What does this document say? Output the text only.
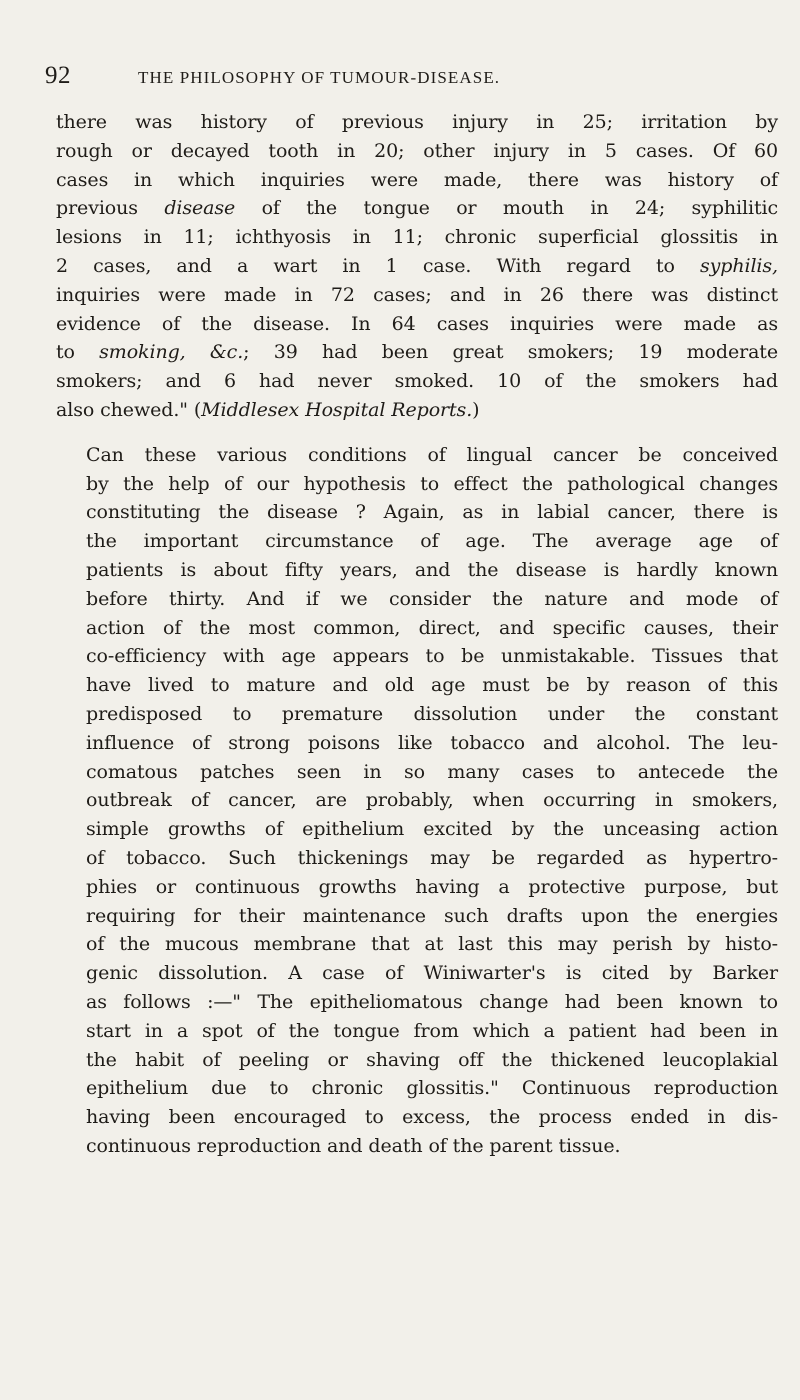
92	THE PHILOSOPHY OF TUMOUR-DISEASE.

there was history of previous injury in 25; irritation by
rough or decayed tooth in 20; other injury in 5 cases. Of 60
cases in which inquiries were made, there was history of
previous disease of the tongue or mouth in 24; syphilitic
lesions in 11; ichthyosis in 11; chronic superficial glossitis in
2 cases, and a wart in 1 case. With regard to syphilis,
inquiries were made in 72 cases; and in 26 there was distinct
evidence of the disease. In 64 cases inquiries were made as
to smoking, &c.; 39 had been great smokers; 19 moderate
smokers; and 6 had never smoked. 10 of the smokers had
also chewed." (Middlesex Hospital Reports.)

Can these various conditions of lingual cancer be conceived
by the help of our hypothesis to effect the pathological changes
constituting the disease ? Again, as in labial cancer, there is
the important circumstance of age. The average age of
patients is about fifty years, and the disease is hardly known
before thirty. And if we consider the nature and mode of
action of the most common, direct, and specific causes, their
co-efficiency with age appears to be unmistakable. Tissues that
have lived to mature and old age must be by reason of this
predisposed to premature dissolution under the constant
influence of strong poisons like tobacco and alcohol. The leu-
comatous patches seen in so many cases to antecede the
outbreak of cancer, are probably, when occurring in smokers,
simple growths of epithelium excited by the unceasing action
of tobacco. Such thickenings may be regarded as hypertro-
phies or continuous growths having a protective purpose, but
requiring for their maintenance such drafts upon the energies
of the mucous membrane that at last this may perish by histo-
genic dissolution. A case of Winiwarter's is cited by Barker
as follows :—" The epitheliomatous change had been known to
start in a spot of the tongue from which a patient had been in
the habit of peeling or shaving off the thickened leucoplakial
epithelium due to chronic glossitis." Continuous reproduction
having been encouraged to excess, the process ended in dis-
continuous reproduction and death of the parent tissue.
